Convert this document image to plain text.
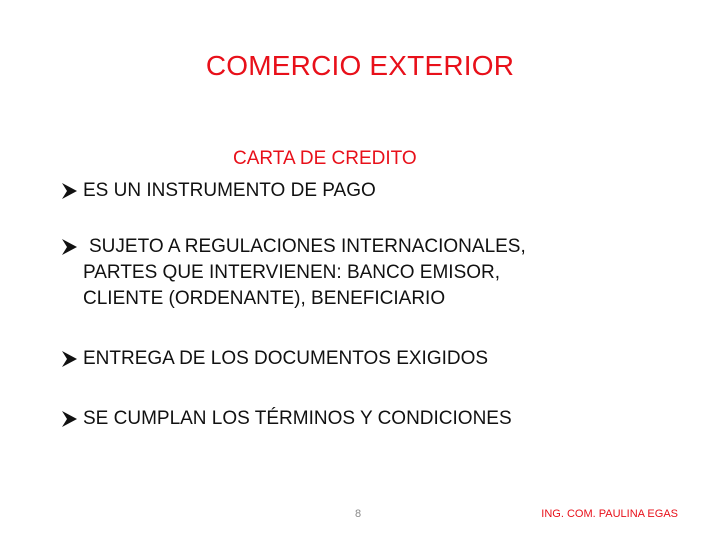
COMERCIO EXTERIOR
CARTA DE CREDITO
ES UN INSTRUMENTO DE PAGO
SUJETO A REGULACIONES INTERNACIONALES,
PARTES QUE INTERVIENEN: BANCO EMISOR,
CLIENTE (ORDENANTE), BENEFICIARIO
ENTREGA DE LOS DOCUMENTOS EXIGIDOS
SE CUMPLAN LOS TÉRMINOS Y CONDICIONES
8	ING. COM. PAULINA EGAS
